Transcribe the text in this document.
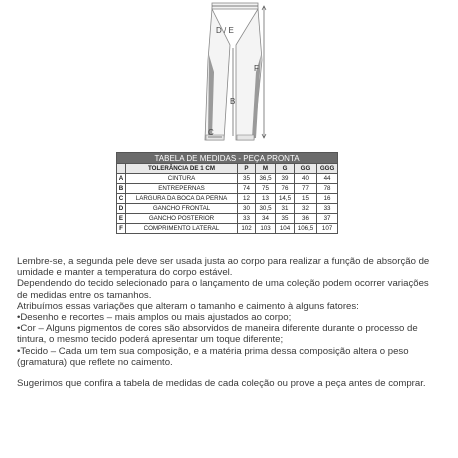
D / E
B
F
C
TABELA DE MEDIDAS - PEÇA PRONTA						
	TOLERÂNCIA DE 1 CM	P	M	G	GG	GGG
A	CINTURA	35	36,5	39	40	44
B	ENTREPERNAS	74	75	76	77	78
C	LARGURA DA BOCA DA PERNA	12	13	14,5	15	16
D	GANCHO FRONTAL	30	30,5	31	32	33
E	GANCHO POSTERIOR	33	34	35	36	37
F	COMPRIMENTO LATERAL	102	103	104	106,5	107

Lembre-se, a segunda pele deve ser usada justa ao corpo para realizar a função de absorção de umidade e manter a temperatura do corpo estável.

Dependendo do tecido selecionado para o lançamento de uma coleção podem ocorrer variações de medidas entre os tamanhos.

Atribuímos essas variações que alteram o tamanho e caimento à alguns fatores:

•Desenho e recortes – mais amplos ou mais ajustados ao corpo;

•Cor – Alguns pigmentos de cores são absorvidos de maneira diferente durante o processo de tintura, o mesmo tecido poderá apresentar um toque diferente;

•Tecido – Cada um tem sua composição, e a matéria prima dessa composição altera o peso (gramatura) que reflete no caimento.

Sugerimos que confira a tabela de medidas de cada coleção ou prove a peça antes de comprar.
